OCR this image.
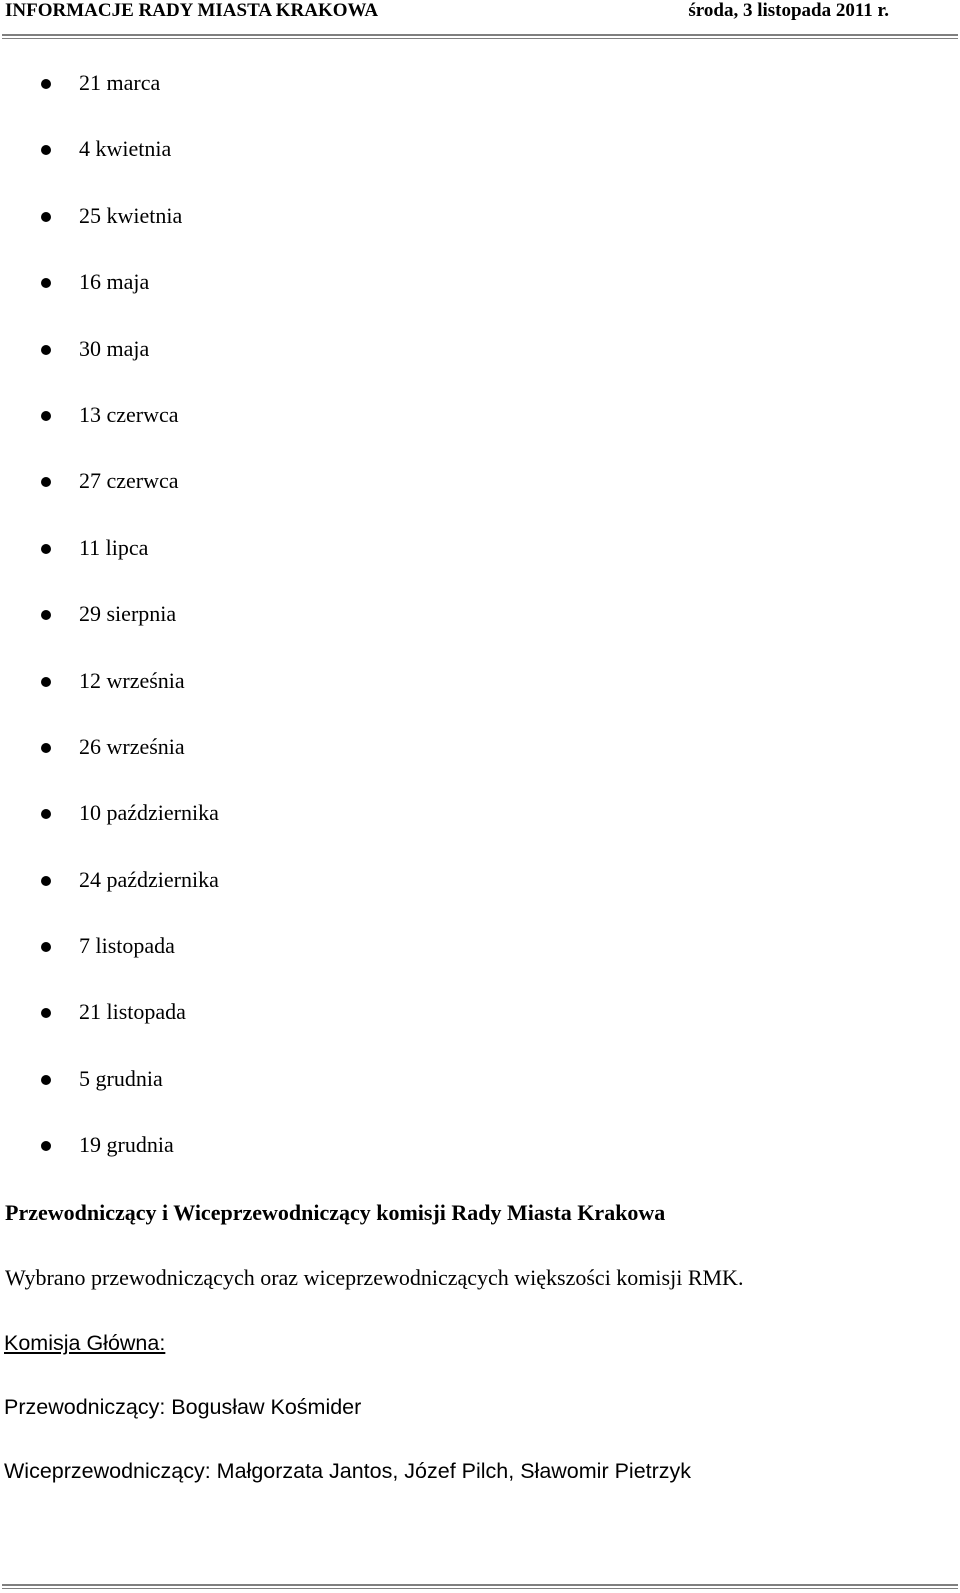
INFORMACJE RADY MIASTA KRAKOWA	środa, 3 listopada 2011 r.
21 marca
4 kwietnia
25 kwietnia
16 maja
30 maja
13 czerwca
27 czerwca
11 lipca
29 sierpnia
12 września
26 września
10 października
24 października
7 listopada
21 listopada
5 grudnia
19 grudnia
Przewodniczący i Wiceprzewodniczący komisji Rady Miasta Krakowa
Wybrano przewodniczących oraz wiceprzewodniczących większości komisji RMK.
Komisja Główna:
Przewodniczący: Bogusław Kośmider
Wiceprzewodniczący: Małgorzata Jantos, Józef Pilch, Sławomir Pietrzyk
